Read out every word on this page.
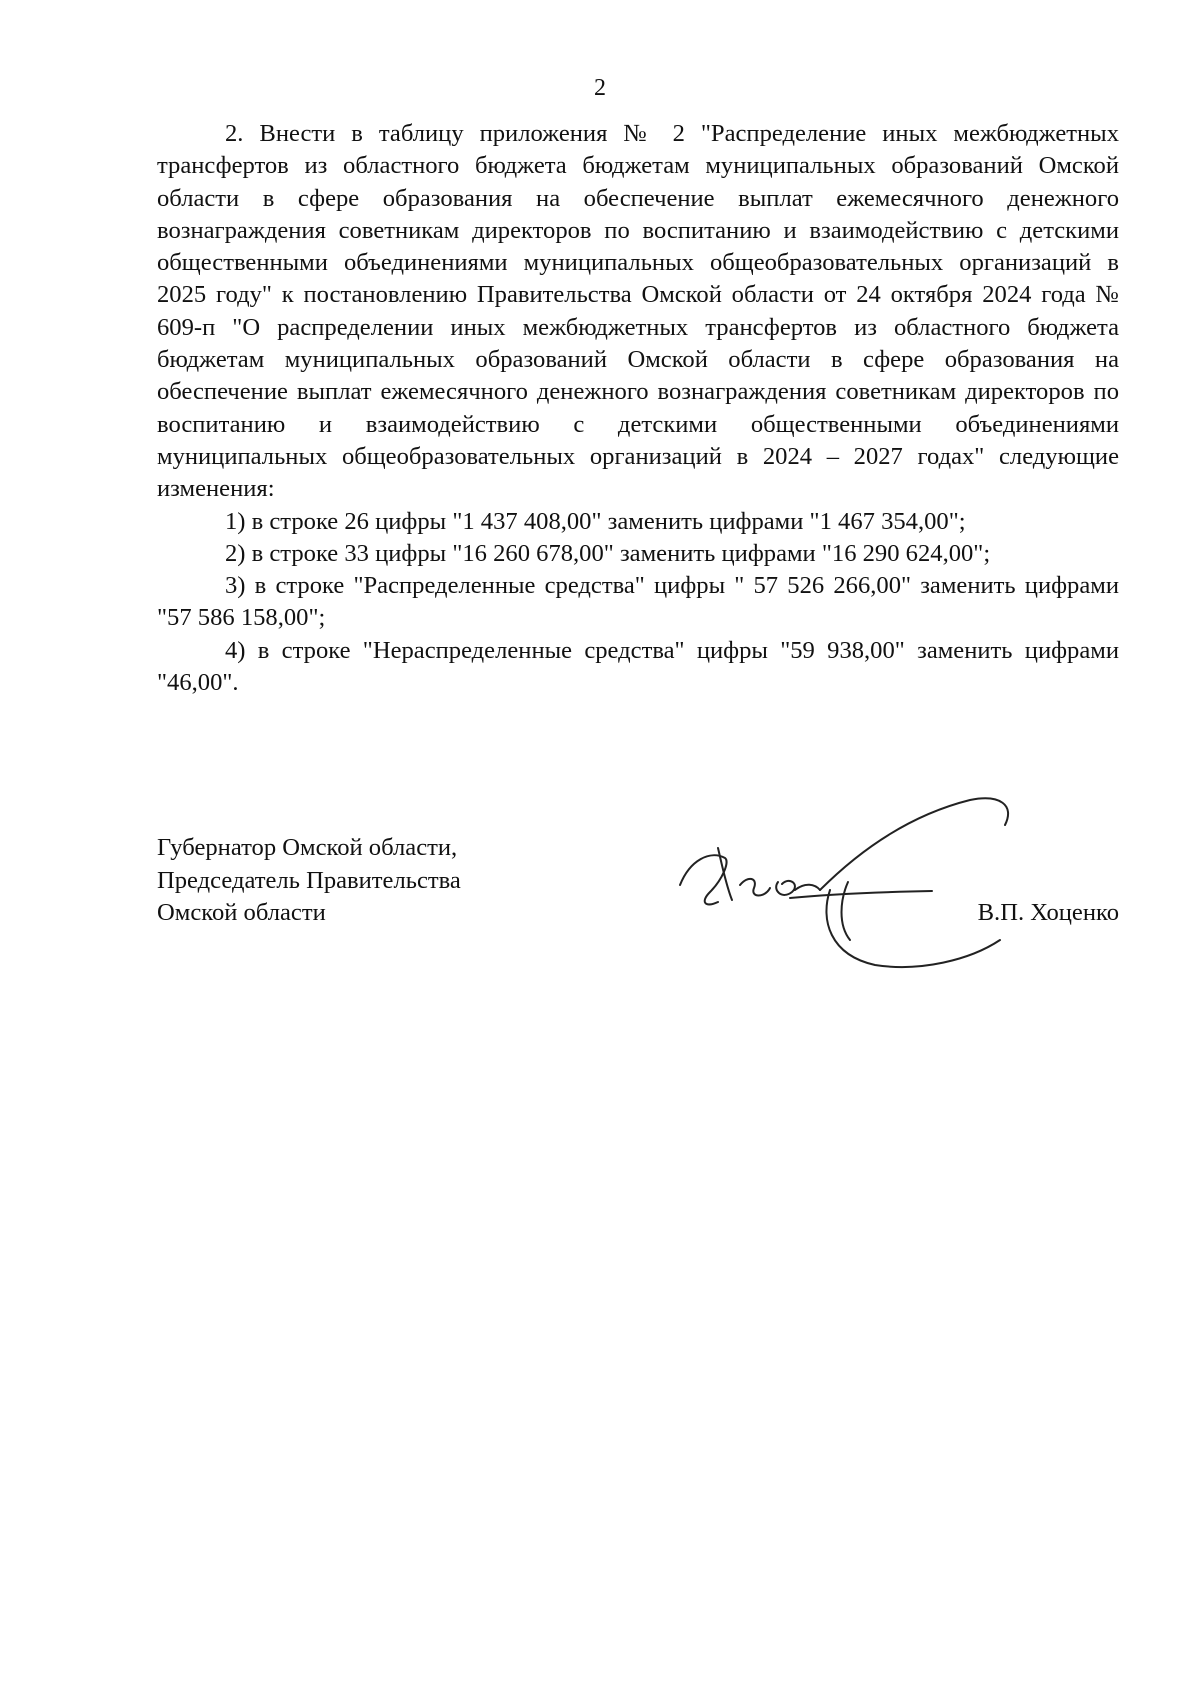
2

2. Внести в таблицу приложения № 2 "Распределение иных межбюджетных трансфертов из областного бюджета бюджетам муниципальных образований Омской области в сфере образования на обеспечение выплат ежемесячного денежного вознаграждения советникам директоров по воспитанию и взаимодействию с детскими общественными объединениями муниципальных общеобразовательных организаций в 2025 году" к постановлению Правительства Омской области от 24 октября 2024 года № 609-п "О распределении иных межбюджетных трансфертов из областного бюджета бюджетам муниципальных образований Омской области в сфере образования на обеспечение выплат ежемесячного денежного вознаграждения советникам директоров по воспитанию и взаимодействию с детскими общественными объединениями муниципальных общеобразовательных организаций в 2024 – 2027 годах" следующие изменения:

1) в строке 26 цифры "1 437 408,00" заменить цифрами "1 467 354,00";

2) в строке 33 цифры "16 260 678,00" заменить цифрами "16 290 624,00";

3) в строке "Распределенные средства" цифры " 57 526 266,00" заменить цифрами "57 586 158,00";

4) в строке "Нераспределенные средства" цифры "59 938,00" заменить цифрами "46,00".

Губернатор Омской области,
Председатель Правительства
Омской области	В.П. Хоценко
